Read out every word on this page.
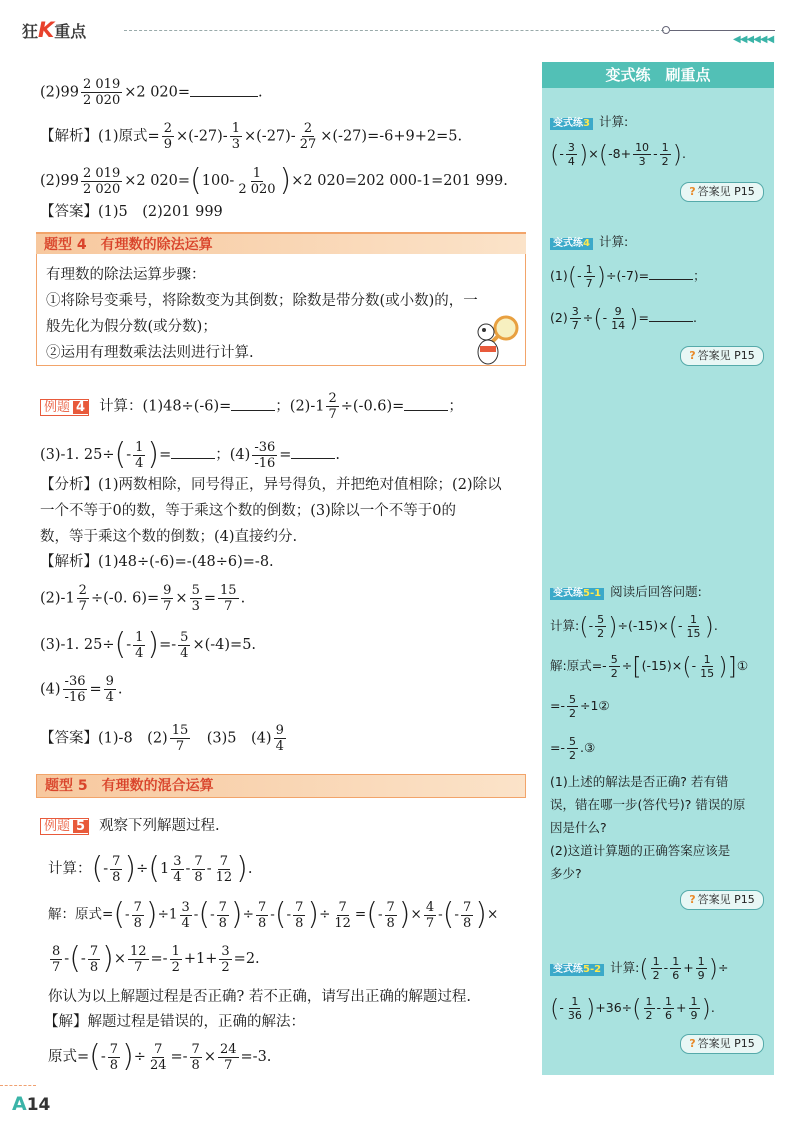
狂K重点	◀◀◀◀◀◀
$(2)99 \frac{2 019}{2 020} \times 2$ 020=	.
【解析】(1)原式= $\frac{2}{9} \times(-27)- \frac{1}{3} \times(-27)- \frac{2}{27} \times(-27)=-6+9+2=5$.
$(2)99 \frac{2 019}{2 020} \times 2$ $020=(100- \frac{1}{2 020} )\times 2$ 020=202 000-1=201 999.
【答案】(1)5　(2)201 999
题型 4　有理数的除法运算
有理数的除法运算步骤：
①将除号变乘号，将除数变为其倒数；除数是带分数(或小数)的，一
般先化为假分数(或分数)；
②运用有理数乘法法则进行计算.
例题 4 计算：(1)48÷(-6)=	；$(2)-1 \frac{2}{7} \div(-0.6)=$	；
(3)-1. $25\div(- \frac{1}{4}$ )=	；$(4) \frac{-36}{-16}$ =	.
【分析】(1)两数相除，同号得正，异号得负，并把绝对值相除；(2)除以
一个不等于0的数，等于乘这个数的倒数；(3)除以一个不等于0的
数，等于乘这个数的倒数；(4)直接约分.
【解析】(1)48÷(-6)=-(48÷6)=-8.
$(2)-1 \frac{2}{7} \div(-0$. $6)= \frac{9}{7} \times \frac{5}{3} = \frac{15}{7}$ .
(3)-1. $25\div(- \frac{1}{4}$ )=- $\frac{5}{4} \times(-4)=5$.
$(4) \frac{-36}{-16} = \frac{9}{4}$ .
【答案】(1)-8　$(2) \frac{15}{7}$ 　(3)5　$(4) \frac{9}{4}$
题型 5　有理数的混合运算
例题 5 观察下列解题过程.
计算：(- $\frac{7}{8} )\div(1 \frac{3}{4} - \frac{7}{8} - \frac{7}{12}$ ).
解：原式=(- $\frac{7}{8} )\div 1 \frac{3}{4}$ -(- $\frac{7}{8}$ )÷ $\frac{7}{8}$ -(- $\frac{7}{8}$ )÷ $\frac{7}{12}$ =(- $\frac{7}{8}$ )× $\frac{4}{7}$ -(- $\frac{7}{8}$ )×
$\frac{8}{7}$ -(- $\frac{7}{8}$ )× $\frac{12}{7} =- \frac{1}{2} +1+ \frac{3}{2} =2$.
你认为以上解题过程是否正确? 若不正确，请写出正确的解题过程.
【解】解题过程是错误的，正确的解法：
原式=(- $\frac{7}{8}$ )÷ $\frac{7}{24} =- \frac{7}{8} \times \frac{24}{7} =-3$.
变式练　刷重点
变式练3 计算:
(- $\frac{3}{4} )\times(-8+ \frac{10}{3} - \frac{1}{2}$ ).
? 答案见 P15
变式练4 计算:
$(1)(- \frac{1}{7} )\div(-7)=$	；
$(2) \frac{3}{7}$ ÷(- $\frac{9}{14}$ )=	.
? 答案见 P15
变式练5-1 阅读后回答问题:
计算:(- $\frac{5}{2} )\div(-15)\times(- \frac{1}{15}$ ).
解:原式=- $\frac{5}{2} \div[(-15)\times(- \frac{1}{15}$ )]①
=- $\frac{5}{2}$ ÷1②
=- $\frac{5}{2}$ .③
(1)上述的解法是否正确? 若有错
误，错在哪一步(答代号)? 错误的原
因是什么?
(2)这道计算题的正确答案应该是
多少?
? 答案见 P15
变式练5-2 计算:( $\frac{1}{2} - \frac{1}{6} + \frac{1}{9}$ )÷
(- $\frac{1}{36} )+36\div( \frac{1}{2} - \frac{1}{6} + \frac{1}{9}$ ).
? 答案见 P15
A14
